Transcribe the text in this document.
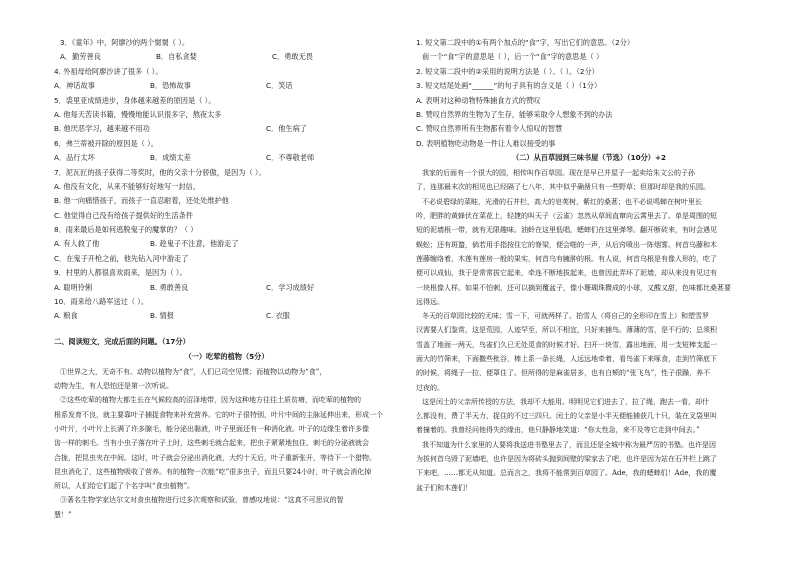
3．《童年》中，阿廖沙的两个舅舅（ ）。
A．勤劳善良	B．自私贪婪	C．勇敢无畏
4. 外祖母给阿廖沙讲了很多（ ）。
A．神话故事	B．恐怖故事	C．笑话
5．裘里亚成绩进步，身体越来越差的原因是（ ）。
A. 他每天苦读书籍，慢慢地能认识很多字，熬夜太多
B. 他厌恶学习，越来越不用功	C．他生病了
6．弗兰蒂被开除的原因是（ ）。
A．品行太坏	B．成绩太差	C．不尊敬老师
7．泥瓦匠的孩子获得二等奖时，他的父亲十分骄傲，是因为（ ）。
A. 他没有文化，从来不能够好好地写一封信。
B. 他一向痛惜孩子，而孩子一直忍耐着，还处处维护他
C. 他觉得自己没有给孩子提供好的生活条件
8．雨来最后是如何逃脱鬼子的魔掌的？（ ）
A. 有人救了他	B. 趁鬼子不注意，他游走了
C．在鬼子开枪之前，他先钻入河中游走了
9．村里的人都很喜欢雨来，是因为（ ）。
A. 聪明伶俐	B. 勇敢善良	C．学习成绩好
10．雨来给八路军送过（ ）。
A. 粮食	B. 情报	C. 衣服
二、阅读短文，完成后面的问题。（17分）
（一）吃荤的植物（5分）
①世界之大，无奇不有。动物以植物为“食”，人们已司空见惯；而植物以动物为“食”，
动物为生，有人恐怕还是第一次听说。
②这些吃荤的植物大都生长在气候较高的沼泽地带，因为这种地方往往土质贫瘠，而吃荤的植物的
根系发育不良，就主要靠叶子捕捉食物来补充营养。它的叶子很特别，叶片中间的主脉延伸出来，形成一个
小叶片，小叶片上长满了许多腺毛，能分泌出黏液，叶子里面还有一种消化液。叶子的边缘生着许多像
齿一样的刺毛。当有小虫子落在叶子上时，这些刺毛就合起来，把虫子紧紧地包住，刺毛的分泌液就会
合拢，把昆虫夹在中间。这时，叶子就会分泌出消化液，大约十天后，叶子重新张开，等待下一个猎物。
昆虫消化了，这些植物吸收了营养。有的植物一次能“吃”很多虫子，而且只要24小时，叶子就会消化掉
所以，人们给它们起了个名字叫“食虫植物”。
③著名生物学家达尔文对食虫植物进行过多次观察和试验，曾感叹地说：“这真不可思议的智
慧！”
1. 短文第二段中的①有两个加点的“食”字，写出它们的意思。（2分）
前一个“食”字的意思是（ ），后一个“食”字的意思是（ ）
2. 短文第二段中的②采用的说明方法是（ ）、（ ）。（2分）
3. 短文结尾处画“______”的句子具有的含义是（ ）（1分）
A. 表明对这种动物特殊捕食方式的赞叹
B. 赞叹自然界的生物为了生存，能够采取令人想象不到的办法
C. 赞叹自然界所有生物都有着令人惊叹的智慧
D. 表明植物吃动物是一件让人难以接受的事
（二）从百草园到三味书屋（节选）（10分）+2
我家的后面有一个很大的园，相传叫作百草园。现在是早已并屋子一起卖给朱文公的子孙
了，连那最末次的相见也已经隔了七八年，其中似乎确凿只有一些野草；但那时却是我的乐园。
不必说碧绿的菜畦，光滑的石井栏，高大的皂荚树，紫红的桑葚；也不必说鸣蝉在树叶里长
吟，肥胖的黄蜂伏在菜花上，轻捷的叫天子（云雀）忽然从草间直窜向云霄里去了。单是周围的短
短的泥墙根一带，就有无限趣味。油蛉在这里低唱，蟋蟀们在这里弹琴。翻开断砖来，有时会遇见
蜈蚣；还有斑蝥，倘若用手指按住它的脊梁，便会啪的一声，从后窍喷出一阵烟雾。何首乌藤和木
莲藤缠络着，木莲有莲房一般的果实，何首乌有臃肿的根。有人说，何首乌根是有像人形的，吃了
便可以成仙，我于是常常拔它起来，牵连不断地拔起来，也曾因此弄坏了泥墙，却从来没有见过有
一块根像人样。如果不怕刺，还可以摘到覆盆子，像小珊瑚珠攒成的小球，又酸又甜，色味都比桑葚要
远得远。
冬天的百草园比较的无味；雪一下，可就两样了。拍雪人（将自己的全形印在雪上）和塑雪罗
汉需要人们鉴赏，这是荒园，人迹罕至，所以不相宜，只好来捕鸟。薄薄的雪，是不行的；总须积
雪盖了地面一两天，鸟雀们久已无处觅食的时候才好。扫开一块雪，露出地面，用一支短棒支起一
面大的竹筛来，下面撒些秕谷，棒上系一条长绳，人远远地牵着，看鸟雀下来啄食，走到竹筛底下
的时候，将绳子一拉，便罩住了。但所得的是麻雀居多，也有白颊的“张飞鸟”，性子很躁，养不
过夜的。
这是闰土的父亲所传授的方法，我却不大能用。明明见它们进去了，拉了绳，跑去一看，却什
么都没有，费了半天力，捉住的不过三四只。闰土的父亲是小半天便能捕获几十只，装在叉袋里叫
着撞着的。我曾经问他得失的缘由，他只静静地笑道：“你太性急，来不及等它走到中间去。”
我不知道为什么家里的人要将我送进书塾里去了，而且还是全城中称为最严厉的书塾。也许是因
为拔何首乌毁了泥墙吧，也许是因为将砖头抛到间壁的梁家去了吧，也许是因为站在石井栏上跳了
下来吧，……都无从知道。总而言之，我将不能常到百草园了。Ade，我的蟋蟀们！Ade，我的覆
盆子们和木莲们！
